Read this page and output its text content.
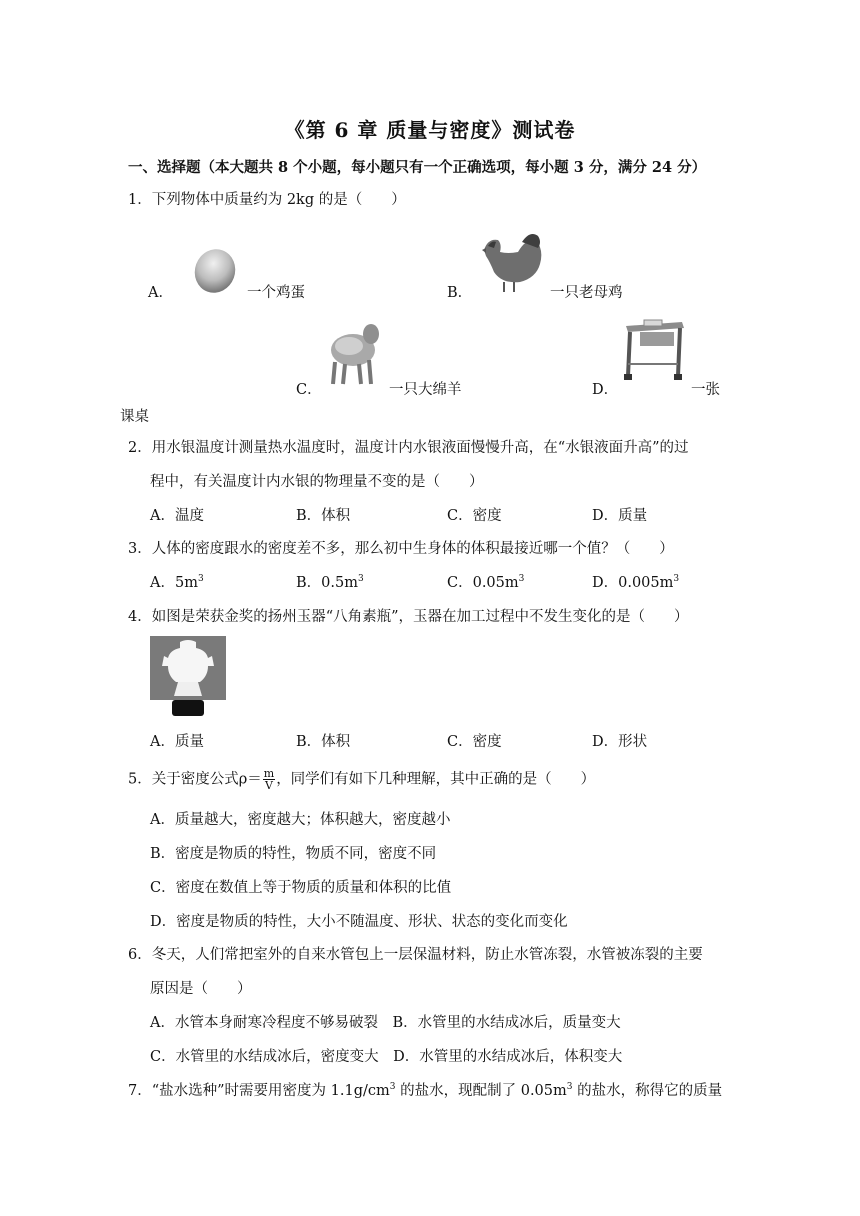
《第 6 章 质量与密度》测试卷
一、选择题（本大题共 8 个小题，每小题只有一个正确选项，每小题 3 分，满分 24 分）
1．下列物体中质量约为 2kg 的是（　　）
A．	一个鸡蛋	B．	一只老母鸡
C．	一只大绵羊	D．	一张
课桌
2．用水银温度计测量热水温度时，温度计内水银液面慢慢升高，在“水银液面升高”的过
程中，有关温度计内水银的物理量不变的是（　　）
A．温度	B．体积	C．密度	D．质量
3．人体的密度跟水的密度差不多，那么初中生身体的体积最接近哪一个值？（　　）
A．$5m^3$	B．$0.5m^3$	C．$0.05m^3$	D．$0.005m^3$
4．如图是荣获金奖的扬州玉器“八角素瓶”，玉器在加工过程中不发生变化的是（　　）
A．质量	B．体积	C．密度	D．形状
5．关于密度公式$\rho= \frac{m}{V}$ ，同学们有如下几种理解，其中正确的是（　　）
A．质量越大，密度越大；体积越大，密度越小
B．密度是物质的特性，物质不同，密度不同
C．密度在数值上等于物质的质量和体积的比值
D．密度是物质的特性，大小不随温度、形状、状态的变化而变化
6．冬天，人们常把室外的自来水管包上一层保温材料，防止水管冻裂，水管被冻裂的主要
原因是（　　）
A．水管本身耐寒冷程度不够易破裂　B．水管里的水结成冰后，质量变大
C．水管里的水结成冰后，密度变大　D．水管里的水结成冰后，体积变大
7．“盐水选种”时需要用密度为 $1.1g/cm^3$ 的盐水，现配制了 $0.05m^3$ 的盐水，称得它的质量
